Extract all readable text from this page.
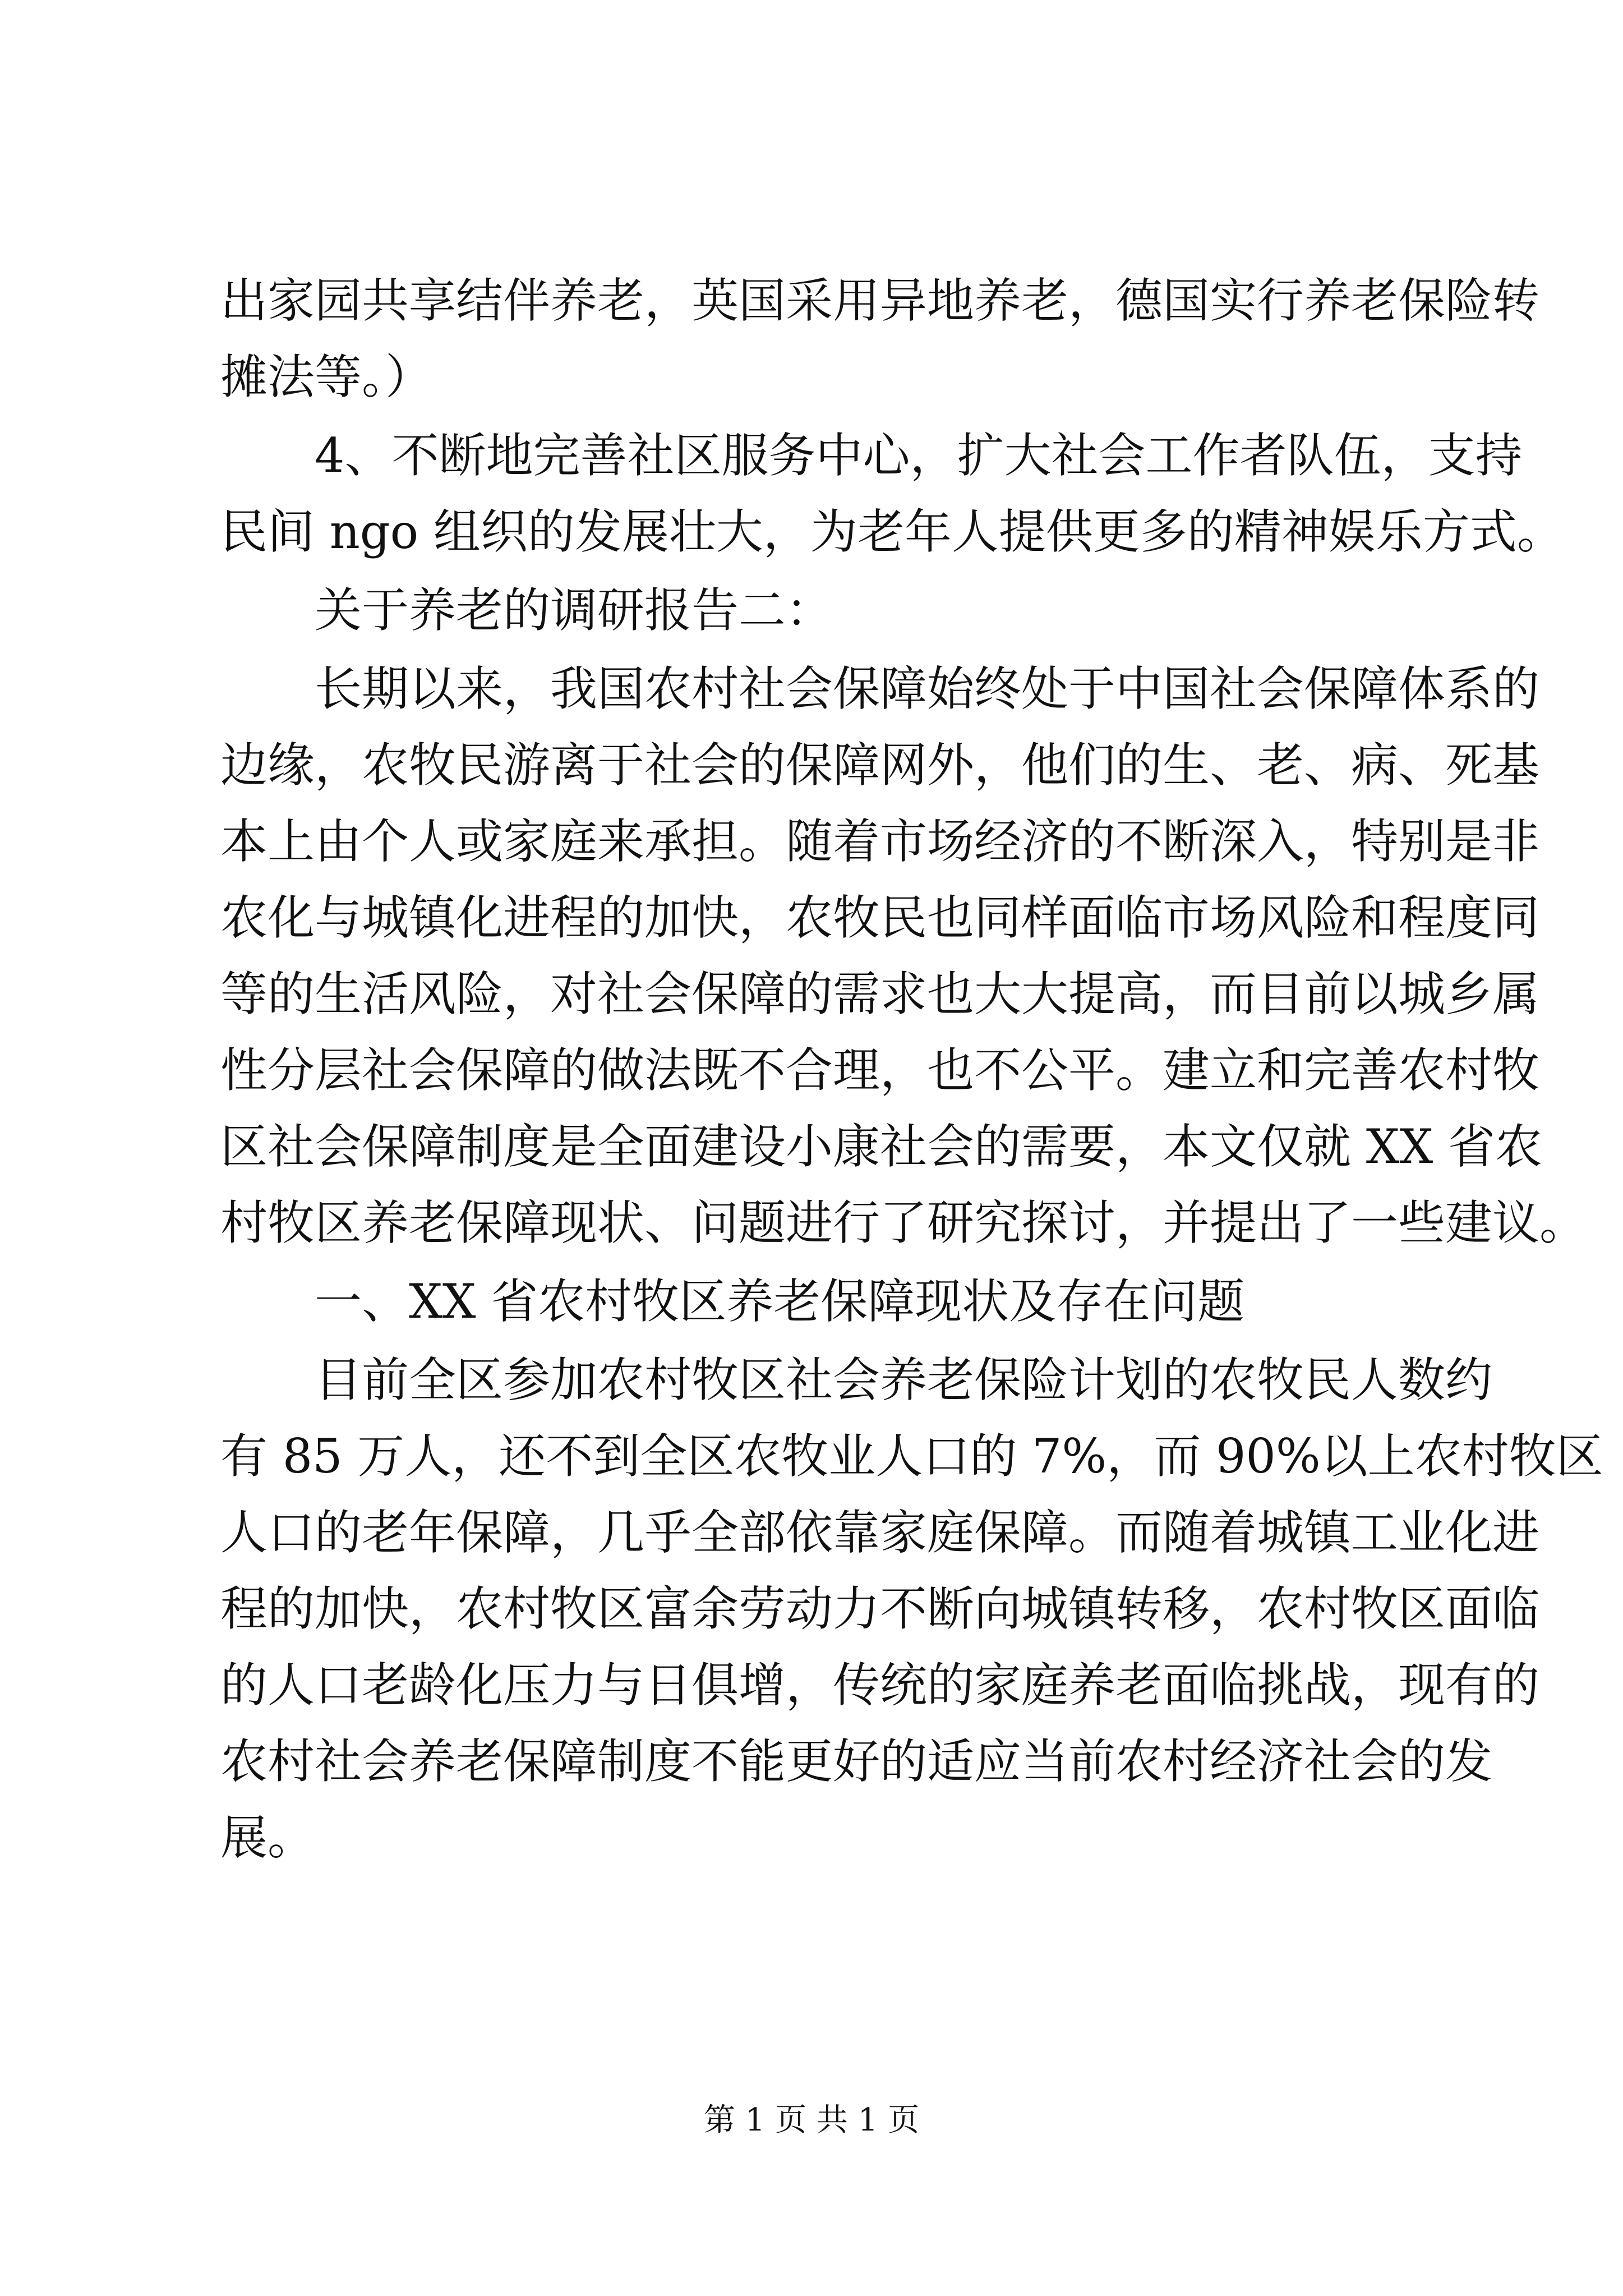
出家园共享结伴养老，英国采用异地养老，德国实行养老保险转
摊法等。）
4、不断地完善社区服务中心，扩大社会工作者队伍，支持
民间 ngo 组织的发展壮大，为老年人提供更多的精神娱乐方式。
关于养老的调研报告二：
长期以来，我国农村社会保障始终处于中国社会保障体系的
边缘，农牧民游离于社会的保障网外，他们的生、老、病、死基
本上由个人或家庭来承担。随着市场经济的不断深入，特别是非
农化与城镇化进程的加快，农牧民也同样面临市场风险和程度同
等的生活风险，对社会保障的需求也大大提高，而目前以城乡属
性分层社会保障的做法既不合理，也不公平。建立和完善农村牧
区社会保障制度是全面建设小康社会的需要，本文仅就 XX 省农
村牧区养老保障现状、问题进行了研究探讨，并提出了一些建议。
一、XX 省农村牧区养老保障现状及存在问题
目前全区参加农村牧区社会养老保险计划的农牧民人数约
有 85 万人，还不到全区农牧业人口的 7%，而 90%以上农村牧区
人口的老年保障，几乎全部依靠家庭保障。而随着城镇工业化进
程的加快，农村牧区富余劳动力不断向城镇转移，农村牧区面临
的人口老龄化压力与日俱增，传统的家庭养老面临挑战，现有的
农村社会养老保障制度不能更好的适应当前农村经济社会的发
展。
第 1 页 共 1 页
